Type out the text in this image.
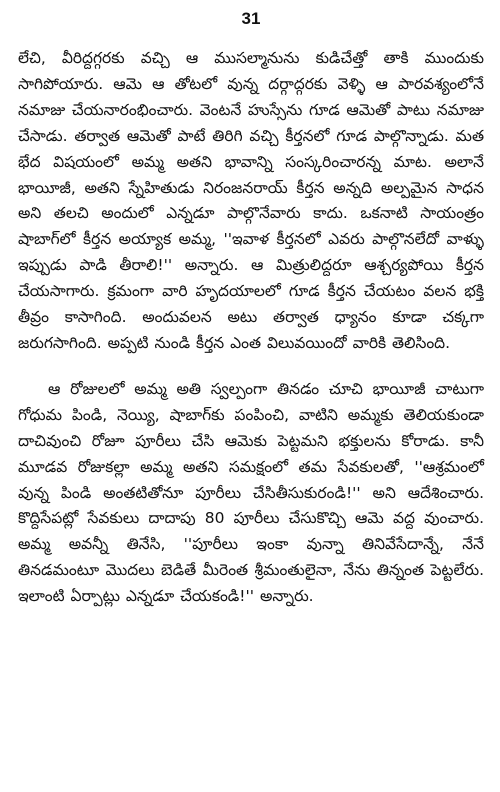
31

లేచి, వీరిద్దగ్గరకు వచ్చి ఆ ముసల్మానును కుడిచేత్తో తాకి ముందుకు సాగిపోయారు. ఆమె ఆ తోటలో వున్న దర్గాద్గరకు వెళ్ళి ఆ పారవశ్యంలోనే నమాజు చేయనారంభించారు. వెంటనే హుస్సేను గూడ ఆమెతో పాటు నమాజు చేసాడు. తర్వాత ఆమెతో పాటే తిరిగి వచ్చి కీర్తనలో గూడ పాల్గొన్నాడు. మత భేద విషయంలో అమ్మ అతని భావాన్ని సంస్కరించారన్న మాట. అలానే భాయీజీ, అతని స్నేహితుడు నిరంజనరాయ్ కీర్తన అన్నది అల్పమైన సాధన అని తలచి అందులో ఎన్నడూ పాల్గొనేవారు కాదు. ఒకనాటి సాయంత్రం షాబాగ్‌లో కీర్తన అయ్యాక అమ్మ, ''ఇవాళ కీర్తనలో ఎవరు పాల్గొనలేదో వాళ్ళు ఇప్పుడు పాడి తీరాలి!'' అన్నారు. ఆ మిత్రులిద్దరూ ఆశ్చర్యపోయి కీర్తన చేయసాగారు. క్రమంగా వారి హృదయాలలో గూడ కీర్తన చేయటం వలన భక్తి తీవ్రం కాసాగింది. అందువలన అటు తర్వాత ధ్యానం కూడా చక్కగా జరుగసాగింది. అప్పటి నుండి కీర్తన ఎంత విలువయిందో వారికి తెలిసింది.

ఆ రోజులలో అమ్మ అతి స్వల్పంగా తినడం చూచి భాయీజీ చాటుగా గోధుమ పిండి, నెయ్యి, షాబాగ్‌కు పంపించి, వాటిని అమ్మకు తెలియకుండా దాచివుంచి రోజూ పూరీలు చేసి ఆమెకు పెట్టమని భక్తులను కోరాడు. కానీ మూడవ రోజుకల్లా అమ్మ అతని సమక్షంలో తమ సేవకులతో, ''ఆశ్రమంలో వున్న పిండి అంతటితోనూ పూరీలు చేసితీసుకురండి!'' అని ఆదేశించారు. కొద్దిసేపట్లో సేవకులు దాదాపు 80 పూరీలు చేసుకొచ్చి ఆమె వద్ద వుంచారు. అమ్మ అవన్నీ తినేసి, ''పూరీలు ఇంకా వున్నా తినివేసేదాన్నే, నేనే తినడమంటూ మొదలు బెడితే మీరెంత శ్రీమంతులైనా, నేను తిన్నంత పెట్టలేరు. ఇలాంటి ఏర్పాట్లు ఎన్నడూ చేయకండి!'' అన్నారు.
